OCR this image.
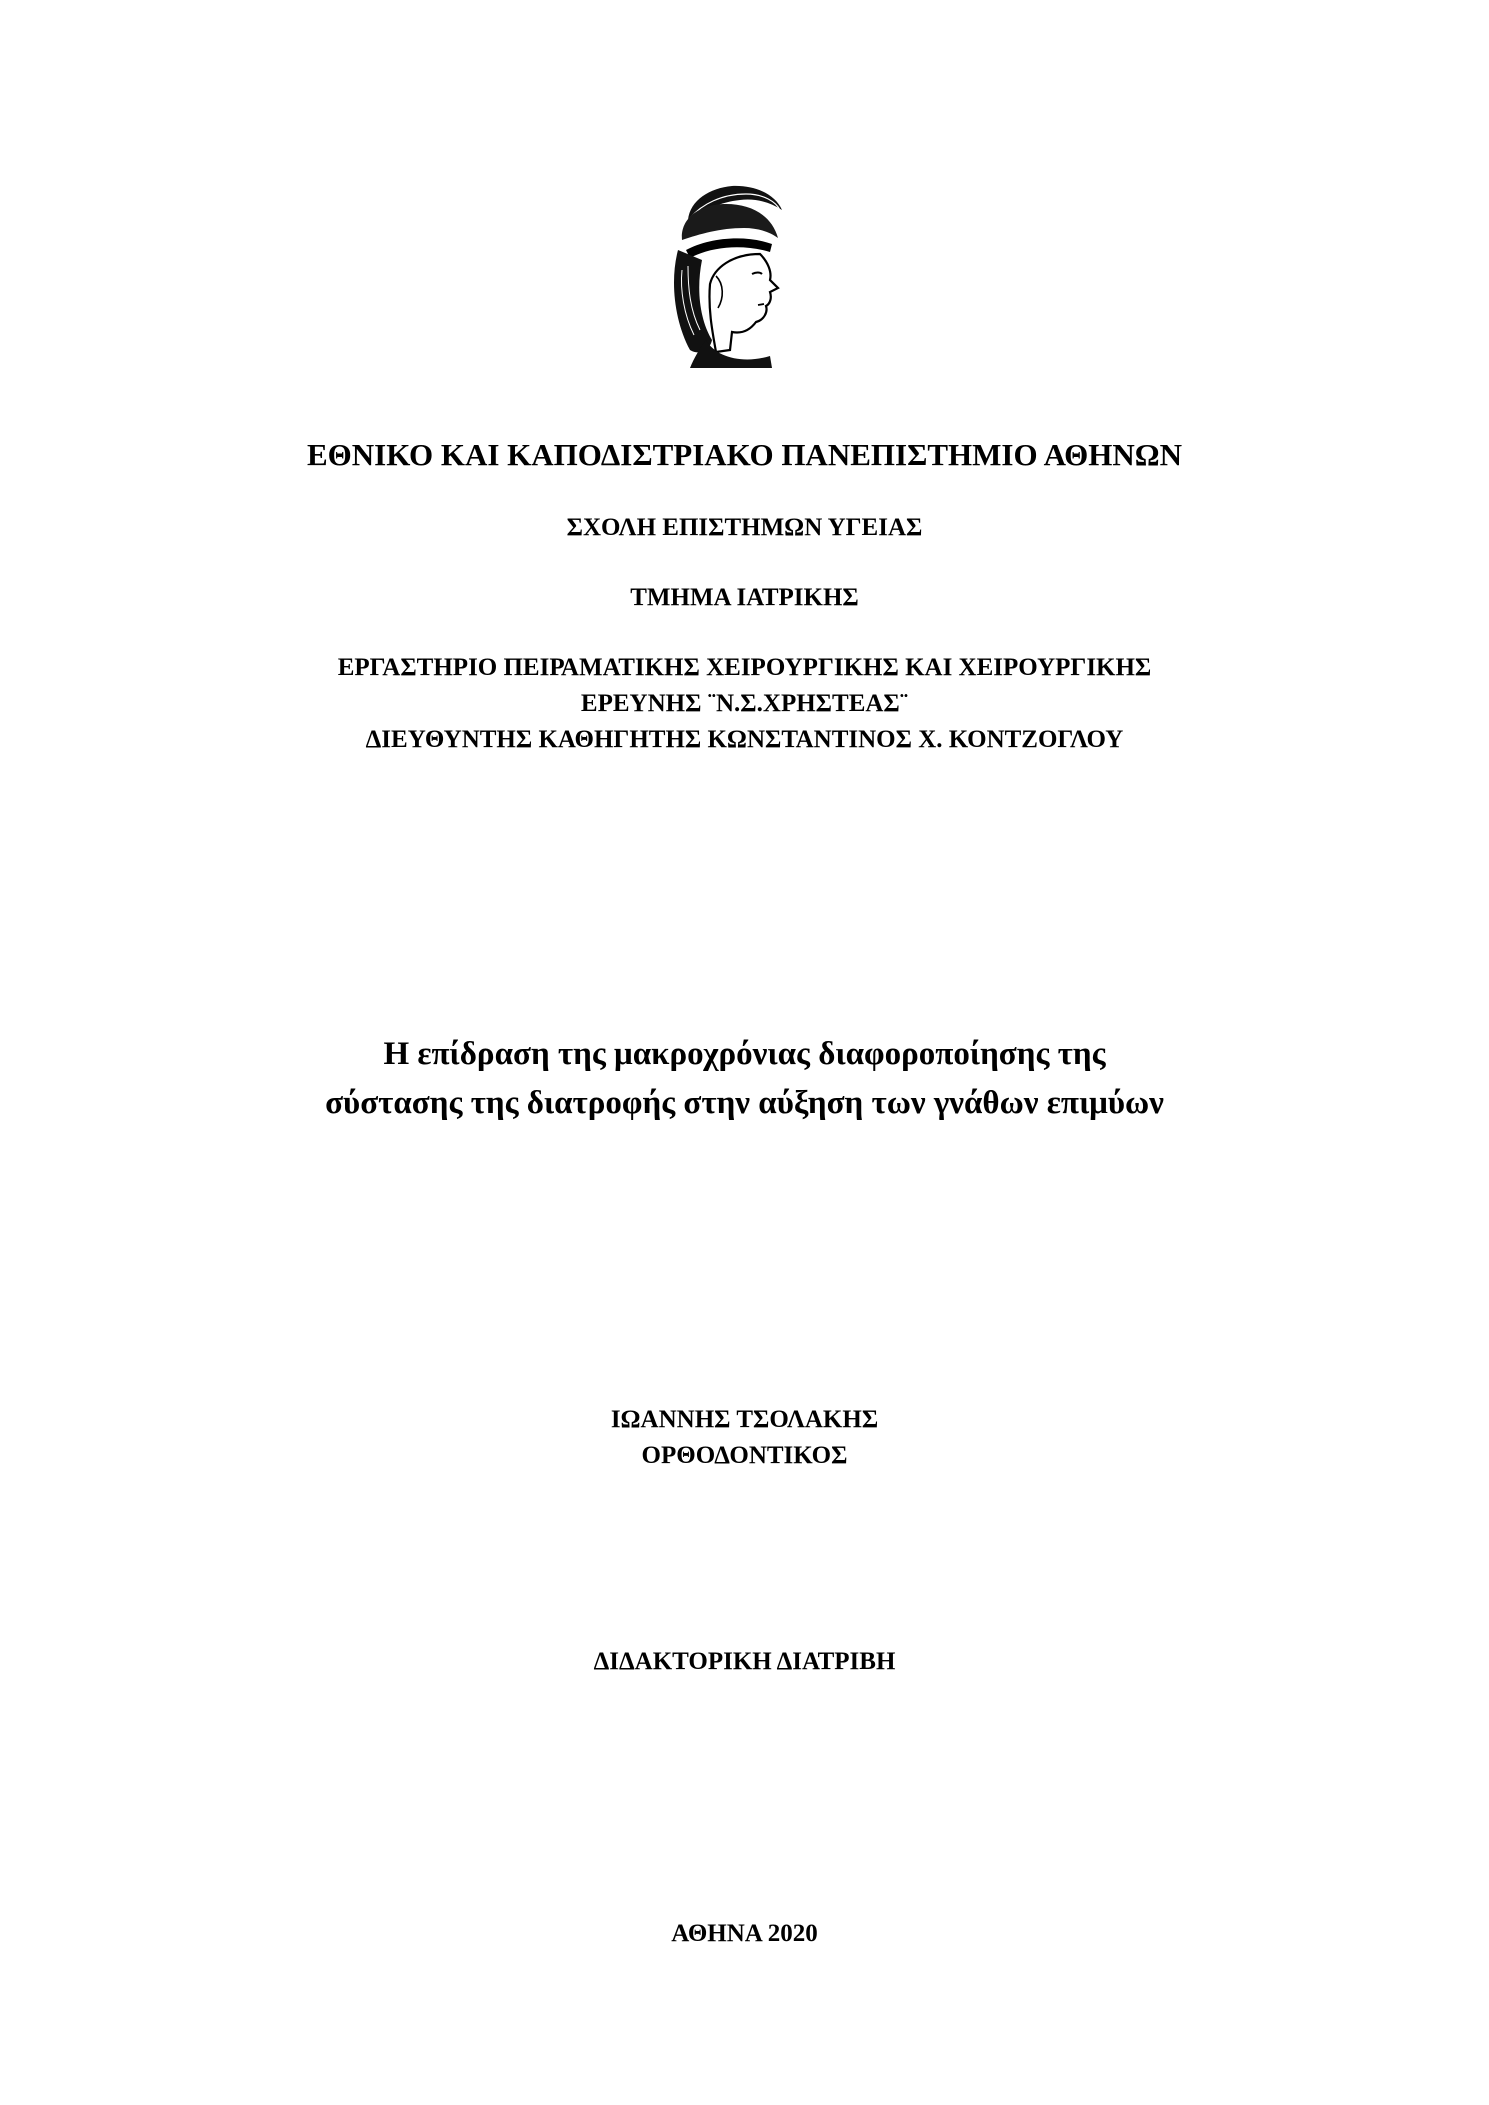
ΕΘΝΙΚΟ ΚΑΙ ΚΑΠΟΔΙΣΤΡΙΑΚΟ ΠΑΝΕΠΙΣΤΗΜΙΟ ΑΘΗΝΩΝ

ΣΧΟΛΗ ΕΠΙΣΤΗΜΩΝ ΥΓΕΙΑΣ

ΤΜΗΜΑ ΙΑΤΡΙΚΗΣ

ΕΡΓΑΣΤΗΡΙΟ ΠΕΙΡΑΜΑΤΙΚΗΣ ΧΕΙΡΟΥΡΓΙΚΗΣ ΚΑΙ ΧΕΙΡΟΥΡΓΙΚΗΣ

ΕΡΕΥΝΗΣ ¨Ν.Σ.ΧΡΗΣΤΕΑΣ¨

ΔΙΕΥΘΥΝΤΗΣ ΚΑΘΗΓΗΤΗΣ ΚΩΝΣΤΑΝΤΙΝΟΣ Χ. ΚΟΝΤΖΟΓΛΟΥ

Η επίδραση της μακροχρόνιας διαφοροποίησης της

σύστασης της διατροφής στην αύξηση των γνάθων επιμύων

ΙΩΑΝΝΗΣ ΤΣΟΛΑΚΗΣ

ΟΡΘΟΔΟΝΤΙΚΟΣ

ΔΙΔΑΚΤΟΡΙΚΗ ΔΙΑΤΡΙΒΗ

ΑΘΗΝΑ 2020
